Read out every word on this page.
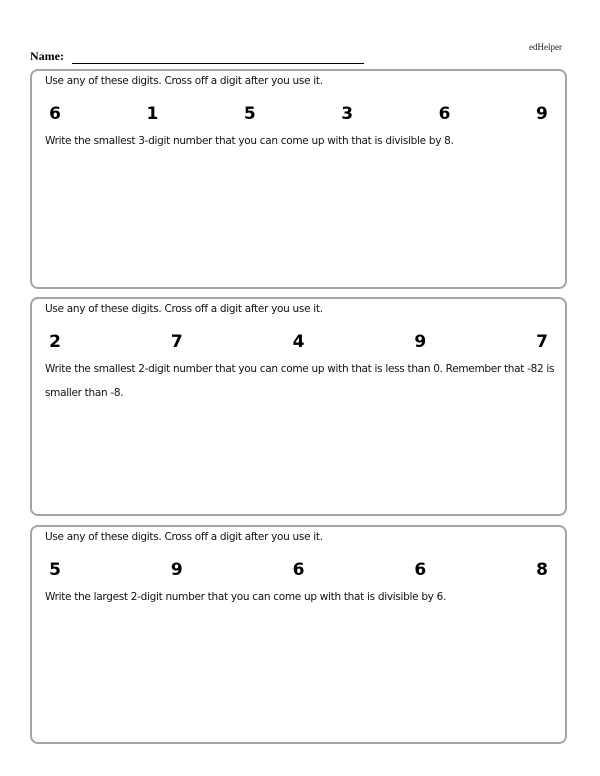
edHelper
Name:
Use any of these digits. Cross off a digit after you use it.
6	1	5	3	6	9
Write the smallest 3-digit number that you can come up with that is divisible by 8.
Use any of these digits. Cross off a digit after you use it.
2	7	4	9	7
Write the smallest 2-digit number that you can come up with that is less than 0. Remember that -82 is smaller than -8.
Use any of these digits. Cross off a digit after you use it.
5	9	6	6	8
Write the largest 2-digit number that you can come up with that is divisible by 6.
